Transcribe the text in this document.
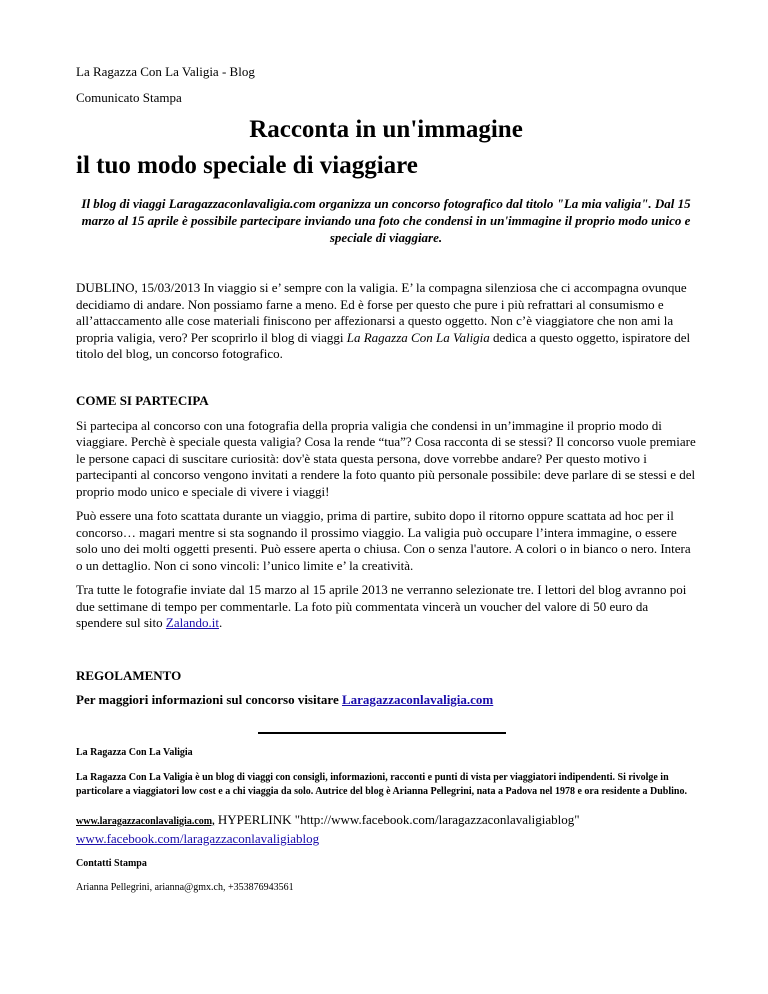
La Ragazza Con La Valigia - Blog

Comunicato Stampa

Racconta in un'immagine
il tuo modo speciale di viaggiare

Il blog di viaggi Laragazzaconlavaligia.com organizza un concorso fotografico dal titolo "La mia valigia". Dal 15 marzo al 15 aprile è possibile partecipare inviando una foto che condensi in un'immagine il proprio modo unico e speciale di viaggiare.

DUBLINO, 15/03/2013 In viaggio si e’ sempre con la valigia. E’ la compagna silenziosa che ci accompagna ovunque decidiamo di andare. Non possiamo farne a meno. Ed è forse per questo che pure i più refrattari al consumismo e all’attaccamento alle cose materiali finiscono per affezionarsi a questo oggetto. Non c’è viaggiatore che non ami la propria valigia, vero? Per scoprirlo il blog di viaggi La Ragazza Con La Valigia dedica a questo oggetto, ispiratore del titolo del blog, un concorso fotografico.

COME SI PARTECIPA

Si partecipa al concorso con una fotografia della propria valigia che condensi in un’immagine il proprio modo di viaggiare. Perchè è speciale questa valigia? Cosa la rende “tua”? Cosa racconta di se stessi? Il concorso vuole premiare le persone capaci di suscitare curiosità: dov'è stata questa persona, dove vorrebbe andare? Per questo motivo i partecipanti al concorso vengono invitati a rendere la foto quanto più personale possibile: deve parlare di se stessi e del proprio modo unico e speciale di vivere i viaggi!

Può essere una foto scattata durante un viaggio, prima di partire, subito dopo il ritorno oppure scattata ad hoc per il concorso… magari mentre si sta sognando il prossimo viaggio. La valigia può occupare l’intera immagine, o essere solo uno dei molti oggetti presenti. Può essere aperta o chiusa. Con o senza l'autore. A colori o in bianco o nero. Intera o un dettaglio. Non ci sono vincoli: l’unico limite e’ la creatività.

Tra tutte le fotografie inviate dal 15 marzo al 15 aprile 2013 ne verranno selezionate tre. I lettori del blog avranno poi due settimane di tempo per commentarle. La foto più commentata vincerà un voucher del valore di 50 euro da spendere sul sito Zalando.it.

REGOLAMENTO

Per maggiori informazioni sul concorso visitare Laragazzaconlavaligia.com

La Ragazza Con La Valigia

La Ragazza Con La Valigia è un blog di viaggi con consigli, informazioni, racconti e punti di vista per viaggiatori indipendenti. Si rivolge in particolare a viaggiatori low cost e a chi viaggia da solo. Autrice del blog è Arianna Pellegrini, nata a Padova nel 1978 e ora residente a Dublino.

www.laragazzaconlavaligia.com, HYPERLINK "http://www.facebook.com/laragazzaconlavaligiablog"
www.facebook.com/laragazzaconlavaligiablog

Contatti Stampa

Arianna Pellegrini, arianna@gmx.ch, +353876943561
